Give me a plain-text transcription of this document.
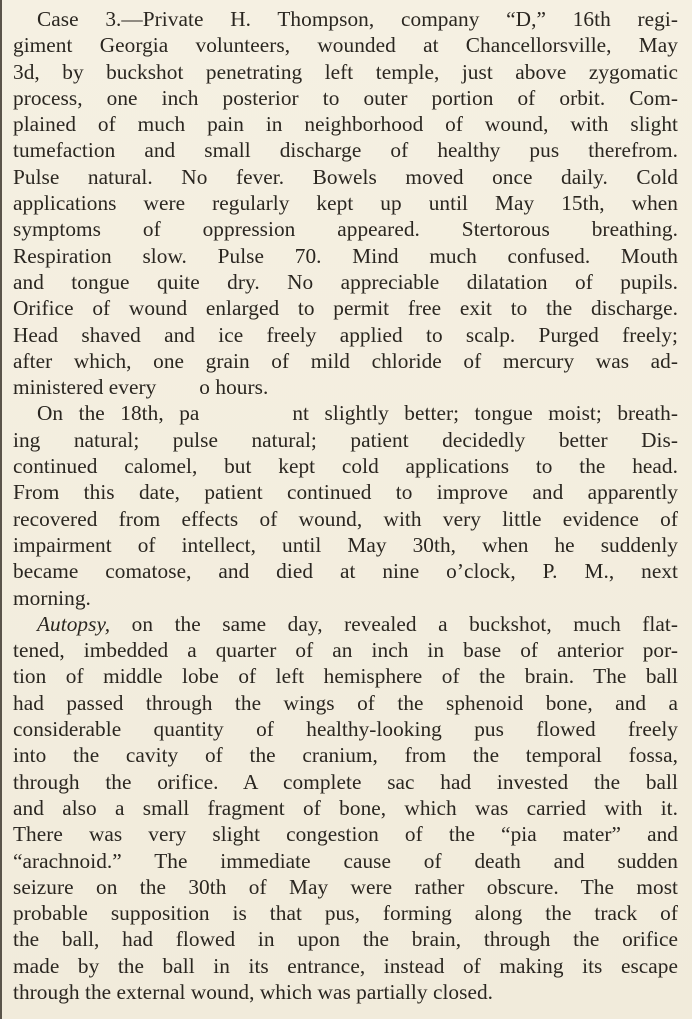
Case 3.—Private H. Thompson, company “D,” 16th regi-
giment Georgia volunteers, wounded at Chancellorsville, May
3d, by buckshot penetrating left temple, just above zygomatic
process, one inch posterior to outer portion of orbit. Com-
plained of much pain in neighborhood of wound, with slight
tumefaction and small discharge of healthy pus therefrom.
Pulse natural. No fever. Bowels moved once daily. Cold
applications were regularly kept up until May 15th, when
symptoms of oppression appeared. Stertorous breathing.
Respiration slow. Pulse 70. Mind much confused. Mouth
and tongue quite dry. No appreciable dilatation of pupils.
Orifice of wound enlarged to permit free exit to the discharge.
Head shaved and ice freely applied to scalp. Purged freely;
after which, one grain of mild chloride of mercury was ad-
ministered every        o hours.
On the 18th, pa      nt slightly better; tongue moist; breath-
ing natural; pulse natural; patient decidedly better Dis-
continued calomel, but kept cold applications to the head.
From this date, patient continued to improve and apparently
recovered from effects of wound, with very little evidence of
impairment of intellect, until May 30th, when he suddenly
became comatose, and died at nine o’clock, P. M., next
morning.
Autopsy, on the same day, revealed a buckshot, much flat-
tened, imbedded a quarter of an inch in base of anterior por-
tion of middle lobe of left hemisphere of the brain. The ball
had passed through the wings of the sphenoid bone, and a
considerable quantity of healthy-looking pus flowed freely
into the cavity of the cranium, from the temporal fossa,
through the orifice. A complete sac had invested the ball
and also a small fragment of bone, which was carried with it.
There was very slight congestion of the “pia mater” and
“arachnoid.” The immediate cause of death and sudden
seizure on the 30th of May were rather obscure. The most
probable supposition is that pus, forming along the track of
the ball, had flowed in upon the brain, through the orifice
made by the ball in its entrance, instead of making its escape
through the external wound, which was partially closed.
